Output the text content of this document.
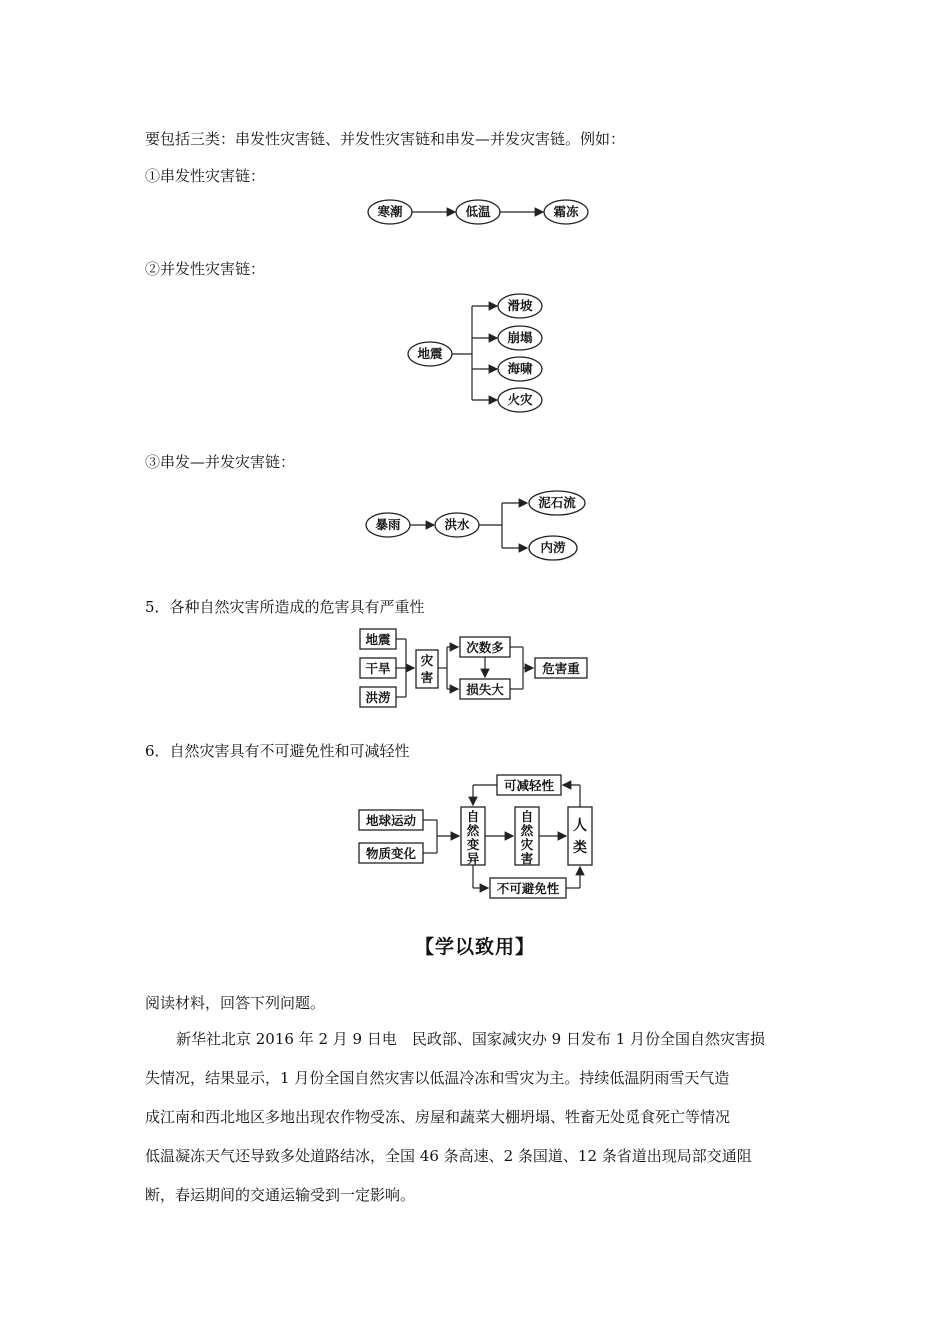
要包括三类：串发性灾害链、并发性灾害链和串发—并发灾害链。例如：
①串发性灾害链：
寒潮	低温	霜冻
②并发性灾害链：
地震
滑坡
崩塌
海啸
火灾
③串发—并发灾害链：
暴雨	洪水
泥石流
内涝
5．各种自然灾害所造成的危害具有严重性
地震
干旱
洪涝
灾
害
次数多
损失大
危害重
6．自然灾害具有不可避免性和可减轻性
地球运动
物质变化
自
然
变
异
自
然
灾
害
人
类
可减轻性
不可避免性
【学以致用】
阅读材料，回答下列问题。
新华社北京 2016 年 2 月 9 日电　民政部、国家减灾办 9 日发布 1 月份全国自然灾害损
失情况，结果显示，1 月份全国自然灾害以低温冷冻和雪灾为主。持续低温阴雨雪天气造
成江南和西北地区多地出现农作物受冻、房屋和蔬菜大棚坍塌、牲畜无处觅食死亡等情况
低温凝冻天气还导致多处道路结冰，全国 46 条高速、2 条国道、12 条省道出现局部交通阻
断，春运期间的交通运输受到一定影响。
